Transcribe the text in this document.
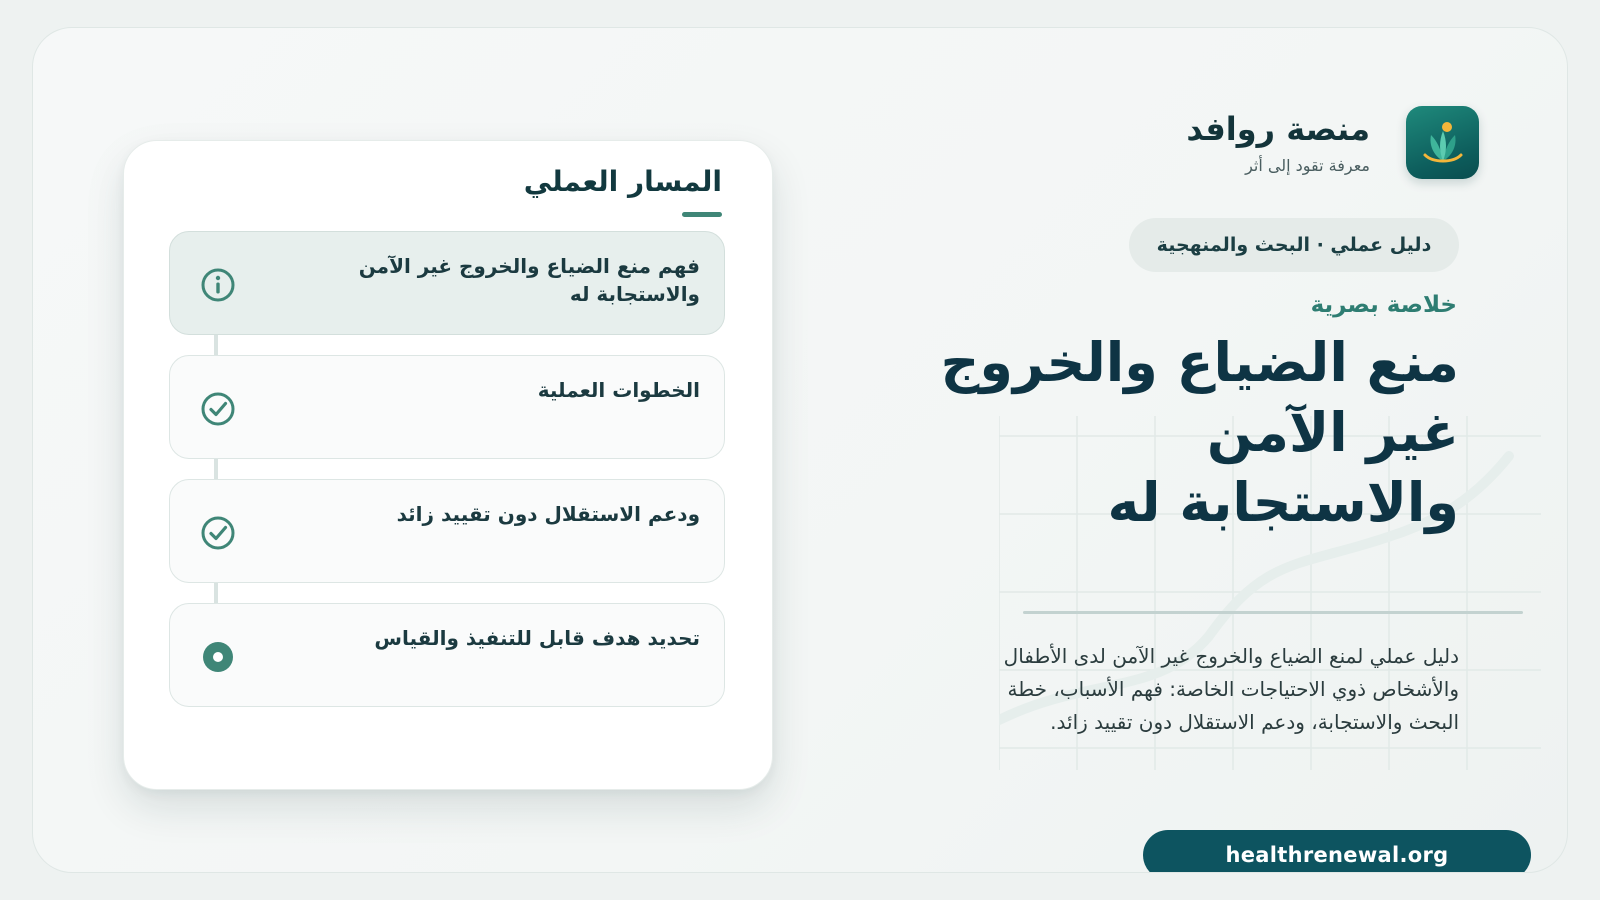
منصة روافد
معرفة تقود إلى أثر
دليل عملي · البحث والمنهجية
خلاصة بصرية
منع الضياع والخروج غير الآمن والاستجابة له
دليل عملي لمنع الضياع والخروج غير الآمن لدى الأطفال والأشخاص ذوي الاحتياجات الخاصة: فهم الأسباب، خطة البحث والاستجابة، ودعم الاستقلال دون تقييد زائد.
healthrenewal.org
المسار العملي
فهم منع الضياع والخروج غير الآمن والاستجابة له
الخطوات العملية
ودعم الاستقلال دون تقييد زائد
تحديد هدف قابل للتنفيذ والقياس
